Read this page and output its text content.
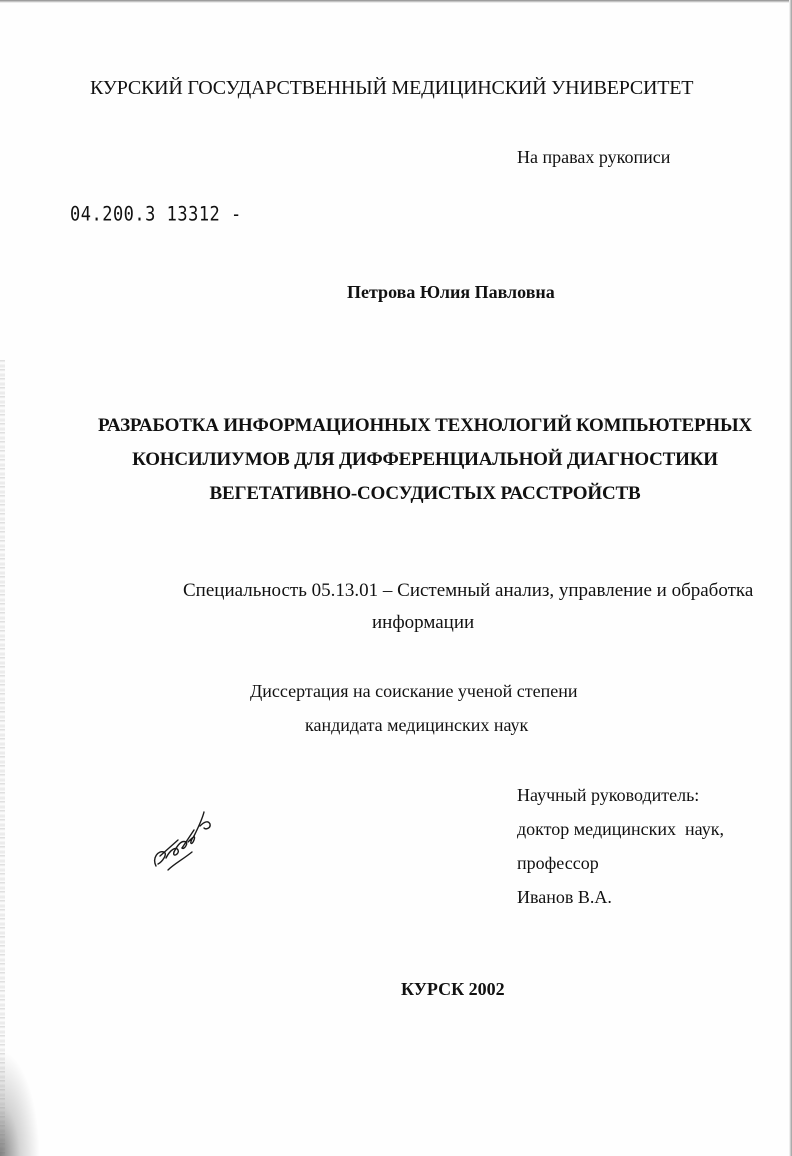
КУРСКИЙ ГОСУДАРСТВЕННЫЙ МЕДИЦИНСКИЙ УНИВЕРСИТЕТ
На правах рукописи
04.200.3 13312 -
Петрова Юлия Павловна
РАЗРАБОТКА ИНФОРМАЦИОННЫХ ТЕХНОЛОГИЙ КОМПЬЮТЕРНЫХ
КОНСИЛИУМОВ ДЛЯ ДИФФЕРЕНЦИАЛЬНОЙ ДИАГНОСТИКИ
ВЕГЕТАТИВНО-СОСУДИСТЫХ РАССТРОЙСТВ
Специальность 05.13.01 – Системный анализ, управление и обработка
информации
Диссертация на соискание ученой степени
кандидата медицинских наук
Научный руководитель:
доктор медицинских  наук,
профессор
Иванов В.А.
КУРСК 2002
